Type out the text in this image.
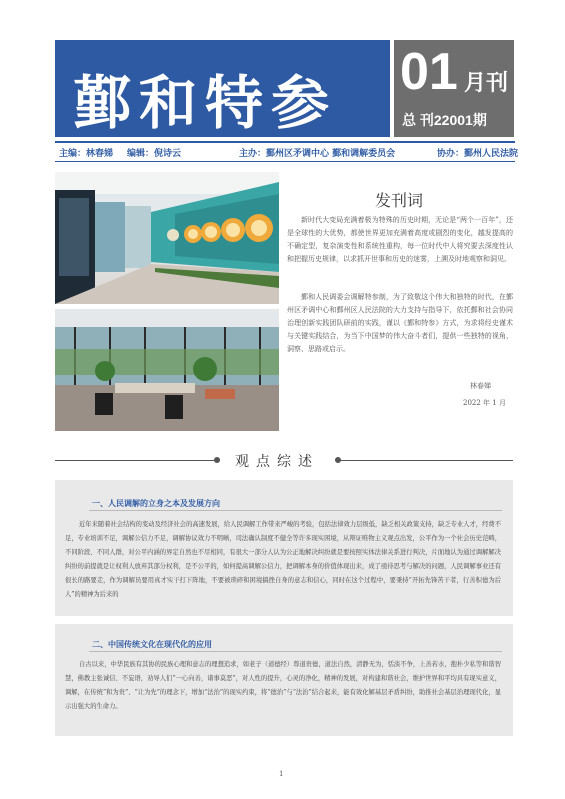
鄞和特参 01 月刊
总 刊22001期
主编：林春娣 编辑：倪诗云	主办：鄞州区矛调中心 鄞和调解委员会	协办：鄞州人民法院
发刊词

新时代大变局充满着极为特殊的历史时期，无论是“两个一百年”，还是全球性的大优势，都使世界更加充满着高度或剧烈的变化，越发提高的不确定型，复杂演变性和系统性重构，每一位时代中人将究要去深度性认和把握历史规律，以求抓开世事和历史的迷雾，上溯及时地观察和洞见。

鄞和人民调委会调解特参制，为了致敬这个伟大和独特的时代，在鄞州区矛调中心和鄞州区人民法院的大力支持与指导下，依托鄞和社会协同治理创新实践团队研前的实践，谨以《鄞和特参》方式，为求将经史谨术与关键实践结合，为当下中国梦的伟大奋斗者们，提供一些独特的视角、洞察、思路或启示。

林春娣
2022 年 1 月
观点综述
一、人民调解的立身之本及发展方向

近年来随着社会结构的变动及经济社会的高速发展，给人民调解工作带来严峻的考验，包括法律效力层级低，缺乏相关政策支持，缺乏专业人才，经费不足，专业培训不足，调解公信力不足，调解协议效力不明晰，司法确认制度不健全等许多现实困境，从辩证唯物主义观点出发，公平作为一个社会历史范畴，不同阶段、不同人群，对公平内涵的界定自然也不尽相同，有很大一部分人认为公正地解决纠纷就是要按照实体法律关系进行判决，片面地认为通过调解解决纠纷的前提就是让权利人放弃其部分权利，是不公平的，如何提高调解公信力，把调解本身的价值体现出来，成了亟待思考与解决的问题，人民调解事业还有很长的路要走，作为调解员要用真才实干打下阵地，不要被琐碎和困境搞挫自身的意志和信心，同时在这个过程中，要秉持“开拓先锋苦干者，行善积德为后人”的精神为后来的

二、中国传统文化在现代化的应用

自古以来，中华民族有其协的民族心理和意志的理想追求，如老子（道德经）尊道贵德，道法自然，清静无为，恬淡不争，上善若水，抱朴少私等和谐智慧，佛教主张诚信、不妄语，劝导人们“一心向善，诸事莫恶”，对人性的提升，心灵的净化，精神的发展，对构建和谐社会，维护世界和平均具有现实意义，调解，在传统“和为贵”、“让为先”的理念下，增加“法治”的现实约束，将“德治”与“法治”结合起来，能有效化解基层矛盾纠纷，助推社会基层治理现代化，显示出强大的生命力。

1
